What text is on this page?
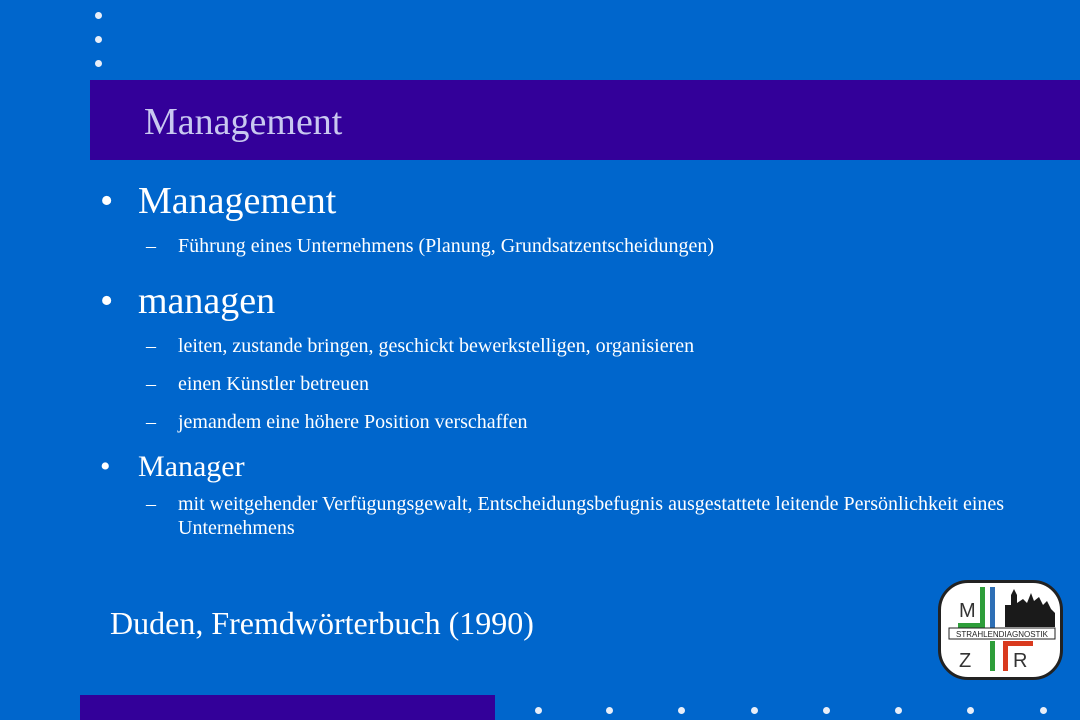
Management
• Management
–	Führung eines Unternehmens (Planung, Grundsatzentscheidungen)
• managen
–	leiten, zustande bringen, geschickt bewerkstelligen, organisieren
–	einen Künstler betreuen
–	jemandem eine höhere Position verschaffen
• Manager
–	mit weitgehender Verfügungsgewalt, Entscheidungsbefugnis ausgestattete leitende Persönlichkeit eines Unternehmens
Duden, Fremdwörterbuch (1990)	STRAHLENDIAGNOSTIK
M
Z R
